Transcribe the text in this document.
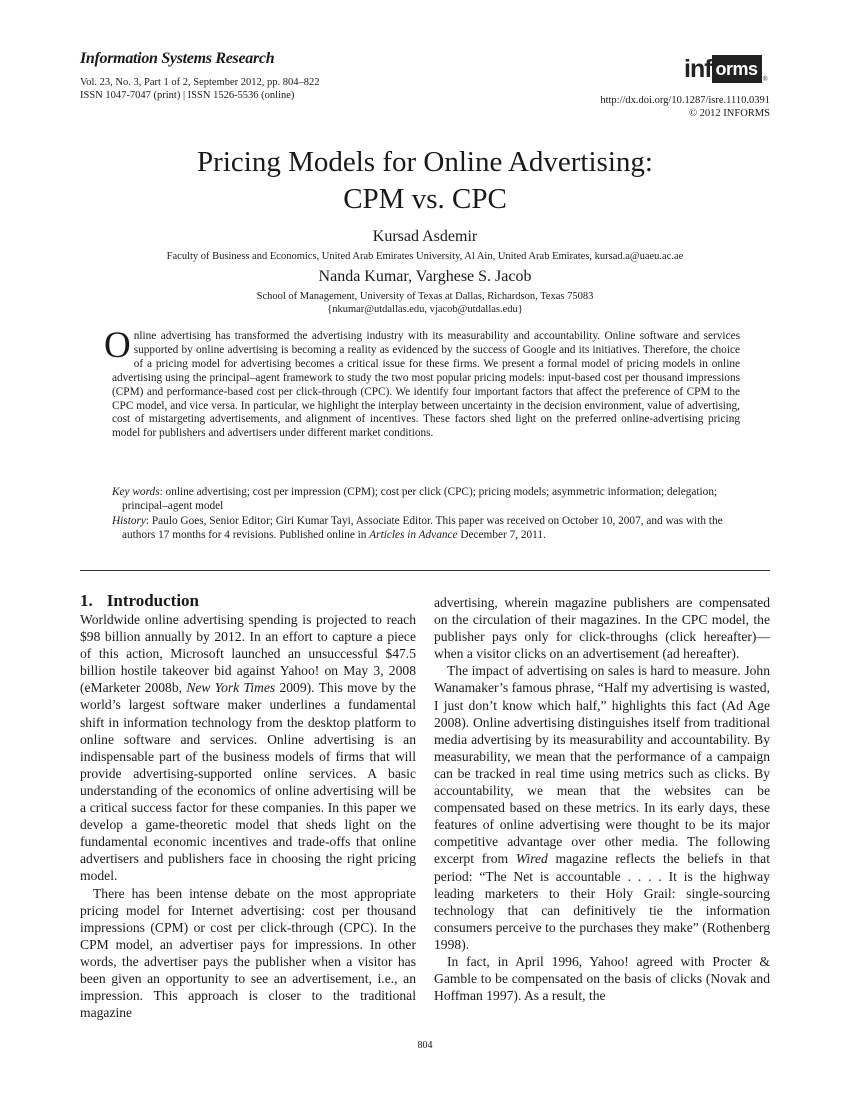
Information Systems Research
Vol. 23, No. 3, Part 1 of 2, September 2012, pp. 804–822
ISSN 1047-7047 (print) | ISSN 1526-5536 (online)
inf orms ®
http://dx.doi.org/10.1287/isre.1110.0391
© 2012 INFORMS
Pricing Models for Online Advertising:
CPM vs. CPC
Kursad Asdemir
Faculty of Business and Economics, United Arab Emirates University, Al Ain, United Arab Emirates, kursad.a@uaeu.ac.ae
Nanda Kumar, Varghese S. Jacob
School of Management, University of Texas at Dallas, Richardson, Texas 75083
{nkumar@utdallas.edu, vjacob@utdallas.edu}
Online advertising has transformed the advertising industry with its measurability and accountability. Online software and services supported by online advertising is becoming a reality as evidenced by the success of Google and its initiatives. Therefore, the choice of a pricing model for advertising becomes a critical issue for these firms. We present a formal model of pricing models in online advertising using the principal–agent framework to study the two most popular pricing models: input-based cost per thousand impressions (CPM) and performance-based cost per click-through (CPC). We identify four important factors that affect the preference of CPM to the CPC model, and vice versa. In particular, we highlight the interplay between uncertainty in the decision environment, value of advertising, cost of mistargeting advertisements, and alignment of incentives. These factors shed light on the preferred online-advertising pricing model for publishers and advertisers under different market conditions.
Key words: online advertising; cost per impression (CPM); cost per click (CPC); pricing models; asymmetric information; delegation; principal–agent model
History: Paulo Goes, Senior Editor; Giri Kumar Tayi, Associate Editor. This paper was received on October 10, 2007, and was with the authors 17 months for 4 revisions. Published online in Articles in Advance December 7, 2011.
1. Introduction

Worldwide online advertising spending is projected to reach $98 billion annually by 2012. In an effort to capture a piece of this action, Microsoft launched an unsuccessful $47.5 billion hostile takeover bid against Yahoo! on May 3, 2008 (eMarketer 2008b, New York Times 2009). This move by the world’s largest software maker underlines a fundamental shift in information technology from the desktop platform to online software and services. Online advertising is an indispensable part of the business models of firms that will provide advertising-supported online services. A basic understanding of the economics of online advertising will be a critical success factor for these companies. In this paper we develop a game-theoretic model that sheds light on the fundamental economic incentives and trade-offs that online advertisers and publishers face in choosing the right pricing model.

There has been intense debate on the most appropriate pricing model for Internet advertising: cost per thousand impressions (CPM) or cost per click-through (CPC). In the CPM model, an advertiser pays for impressions. In other words, the advertiser pays the publisher when a visitor has been given an opportunity to see an advertisement, i.e., an impression. This approach is closer to the traditional magazine

advertising, wherein magazine publishers are compensated on the circulation of their magazines. In the CPC model, the publisher pays only for click-throughs (click hereafter)—when a visitor clicks on an advertisement (ad hereafter).

The impact of advertising on sales is hard to measure. John Wanamaker’s famous phrase, “Half my advertising is wasted, I just don’t know which half,” highlights this fact (Ad Age 2008). Online advertising distinguishes itself from traditional media advertising by its measurability and accountability. By measurability, we mean that the performance of a campaign can be tracked in real time using metrics such as clicks. By accountability, we mean that the websites can be compensated based on these metrics. In its early days, these features of online advertising were thought to be its major competitive advantage over other media. The following excerpt from Wired magazine reflects the beliefs in that period: “The Net is accountable . . . . It is the highway leading marketers to their Holy Grail: single-sourcing technology that can definitively tie the information consumers perceive to the purchases they make” (Rothenberg 1998).

In fact, in April 1996, Yahoo! agreed with Procter & Gamble to be compensated on the basis of clicks (Novak and Hoffman 1997). As a result, the

804
